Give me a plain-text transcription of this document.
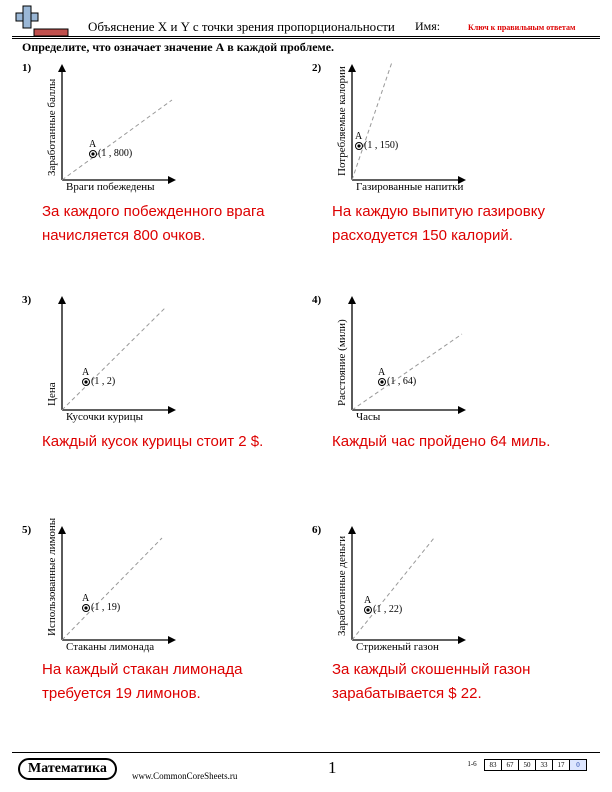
Объяснение X и Y с точки зрения пропорциональности Имя:	Ключ к правильным ответам
Определите, что означает значение А в каждой проблеме.
1)
Заработанные баллы
Враги побежедены
A
(1 , 800)
За каждого побежденного врага начисляется 800 очков.
2) Потребляемые калории
Газированные напитки
A
(1 , 150)
На каждую выпитую газировку расходуется 150 калорий.
3)
Цена
Кусочки курицы
A
(1 , 2)
Каждый кусок курицы стоит 2 $.
4)
Расстояние (мили)
Часы
A
(1 , 64)
Каждый час пройдено 64 миль.
5) Использованные лимоны
Стаканы лимонада
A
(1 , 19)
На каждый стакан лимонада требуется 19 лимонов.
6)
Заработанные деньги
Стриженый газон
A
(1 , 22)
За каждый скошенный газон зарабатывается $ 22.
Математика	www.CommonCoreSheets.ru	1	1-6	83	67	50	33	17	0
